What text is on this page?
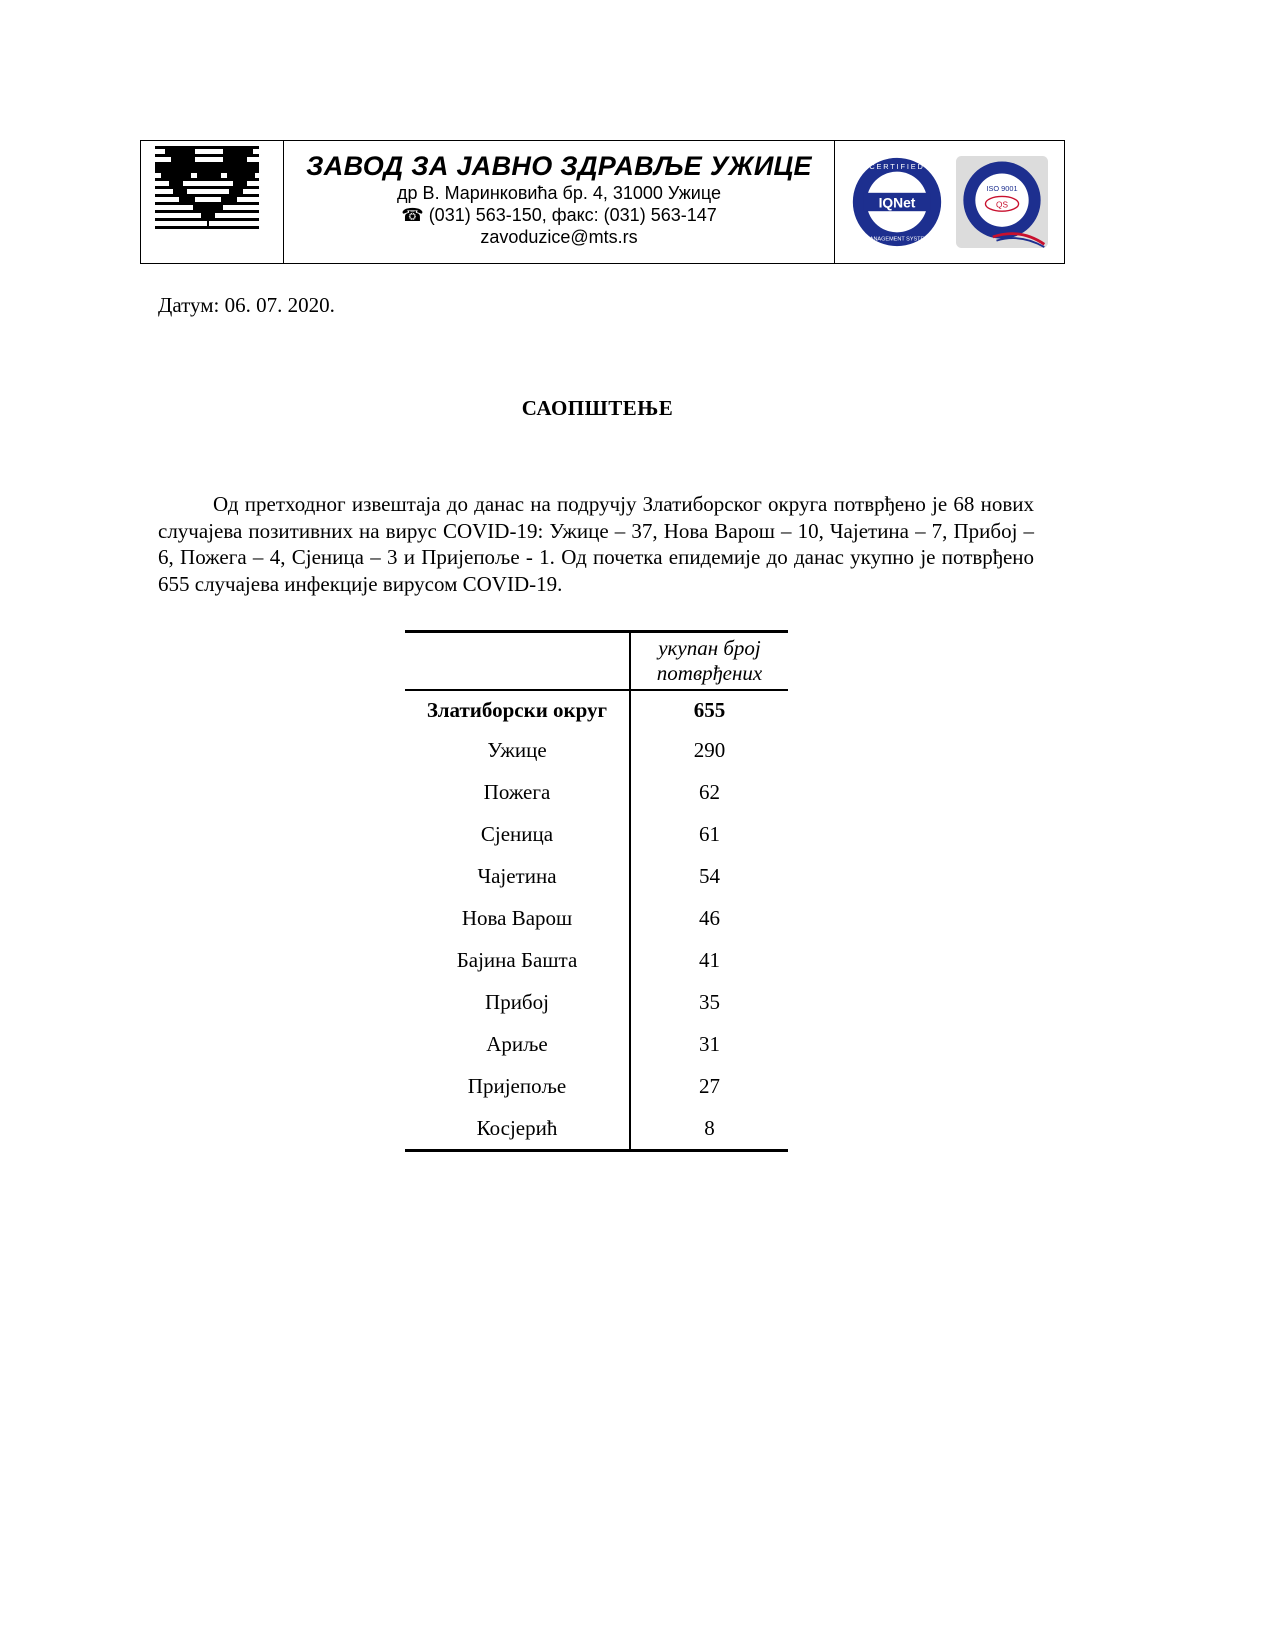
ЗАВОД ЗА ЈАВНО ЗДРАВЉЕ УЖИЦЕ
др В. Маринковића бр. 4, 31000 Ужице
☎ (031) 563-150, факс: (031) 563-147
zavoduzice@mts.rs
IQNet
CERTIFIED
MANAGEMENT SYSTEM
ISO 9001
QS
Датум: 06. 07. 2020.
САОПШТЕЊЕ

Од претходног извештаја до данас на подручју Златиборског округа потврђено је 68 нових случајева позитивних на вирус COVID-19: Ужице – 37, Нова Варош – 10, Чајетина – 7, Прибој – 6, Пожега – 4, Сјеница – 3 и Пријепоље - 1. Од почетка епидемије до данас укупно је потврђено 655 случајева инфекције вирусом COVID-19.

	укупан број потврђених
Златиборски округ	655
Ужице	290
Пожега	62
Сјеница	61
Чајетина	54
Нова Варош	46
Бајина Башта	41
Прибој	35
Ариље	31
Пријепоље	27
Косјерић	8
